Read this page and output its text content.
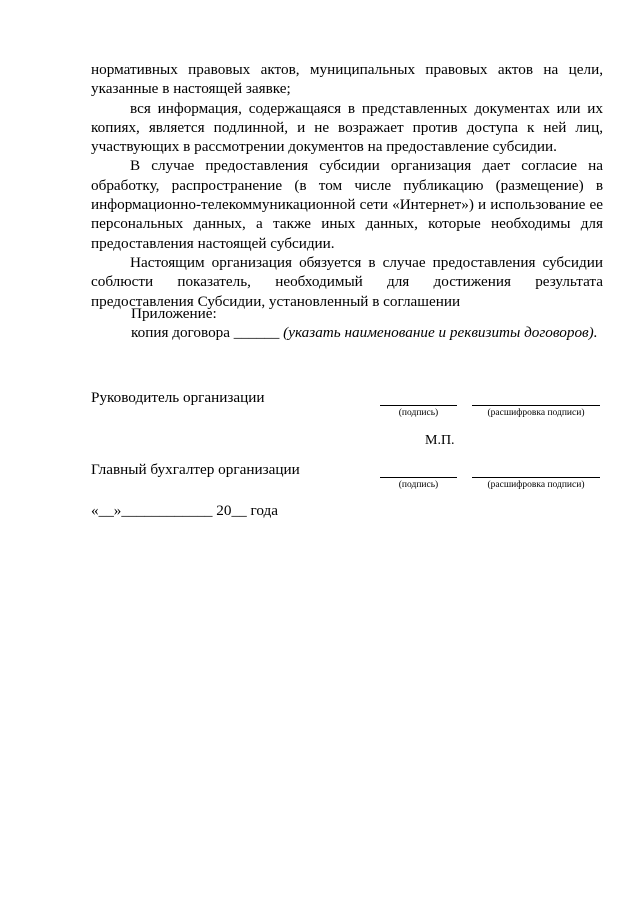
нормативных правовых актов, муниципальных правовых актов на цели, указанные в настоящей заявке;

вся информация, содержащаяся в представленных документах или их копиях, является подлинной, и не возражает против доступа к ней лиц, участвующих в рассмотрении документов на предоставление субсидии.

В случае предоставления субсидии организация дает согласие на обработку, распространение (в том числе публикацию (размещение) в информационно-телекоммуникационной сети «Интернет») и использование ее персональных данных, а также иных данных, которые необходимы для предоставления настоящей субсидии.

Настоящим организация обязуется в случае предоставления субсидии соблюсти показатель, необходимый для достижения результата предоставления Субсидии, установленный в соглашении

Приложение:
копия договора ______ (указать наименование и реквизиты договоров).
Руководитель организации
(подпись)	(расшифровка подписи)
М.П.
Главный бухгалтер организации
(подпись)	(расшифровка подписи)
«__»____________ 20__ года
